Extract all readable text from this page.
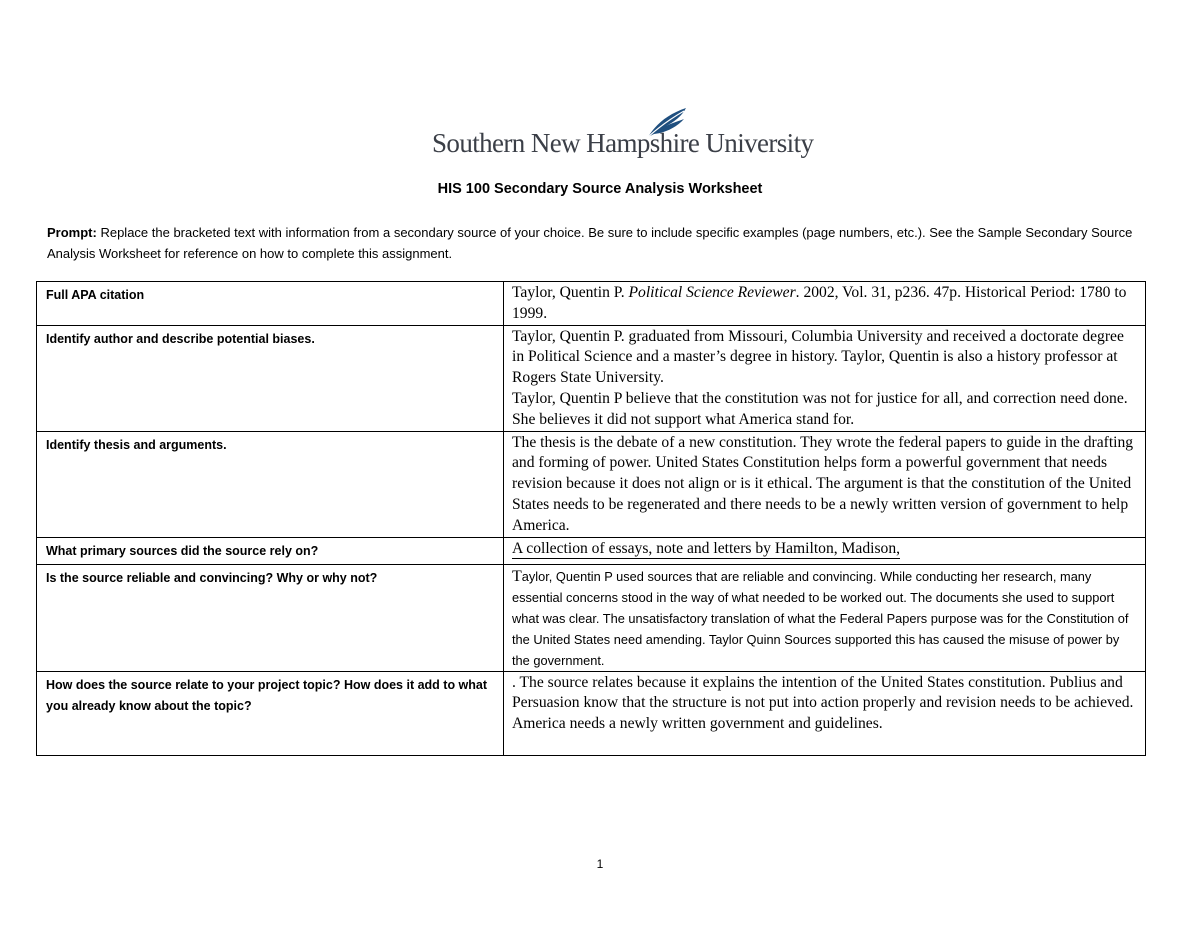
Southern New Hampshire University
HIS 100 Secondary Source Analysis Worksheet
Prompt: Replace the bracketed text with information from a secondary source of your choice. Be sure to include specific examples (page numbers, etc.). See the Sample Secondary Source Analysis Worksheet for reference on how to complete this assignment.
Full APA citation	Taylor, Quentin P. Political Science Reviewer. 2002, Vol. 31, p236. 47p. Historical Period: 1780 to 1999.
Identify author and describe potential biases.	Taylor, Quentin P. graduated from Missouri, Columbia University and received a doctorate degree in Political Science and a master’s degree in history. Taylor, Quentin is also a history professor at Rogers State University.

Taylor, Quentin P believe that the constitution was not for justice for all, and correction need done. She believes it did not support what America stand for.

Identify thesis and arguments.	The thesis is the debate of a new constitution. They wrote the federal papers to guide in the drafting and forming of power. United States Constitution helps form a powerful government that needs revision because it does not align or is it ethical. The argument is that the constitution of the United States needs to be regenerated and there needs to be a newly written version of government to help America.
What primary sources did the source rely on?	A collection of essays, note and letters by Hamilton, Madison,
Is the source reliable and convincing? Why or why not?	Taylor, Quentin P used sources that are reliable and convincing. While conducting her research, many essential concerns stood in the way of what needed to be worked out. The documents she used to support what was clear. The unsatisfactory translation of what the Federal Papers purpose was for the Constitution of the United States need amending. Taylor Quinn Sources supported this has caused the misuse of power by the government.
How does the source relate to your project topic? How does it add to what you already know about the topic?	. The source relates because it explains the intention of the United States constitution. Publius and Persuasion know that the structure is not put into action properly and revision needs to be achieved. America needs a newly written government and guidelines.
1
